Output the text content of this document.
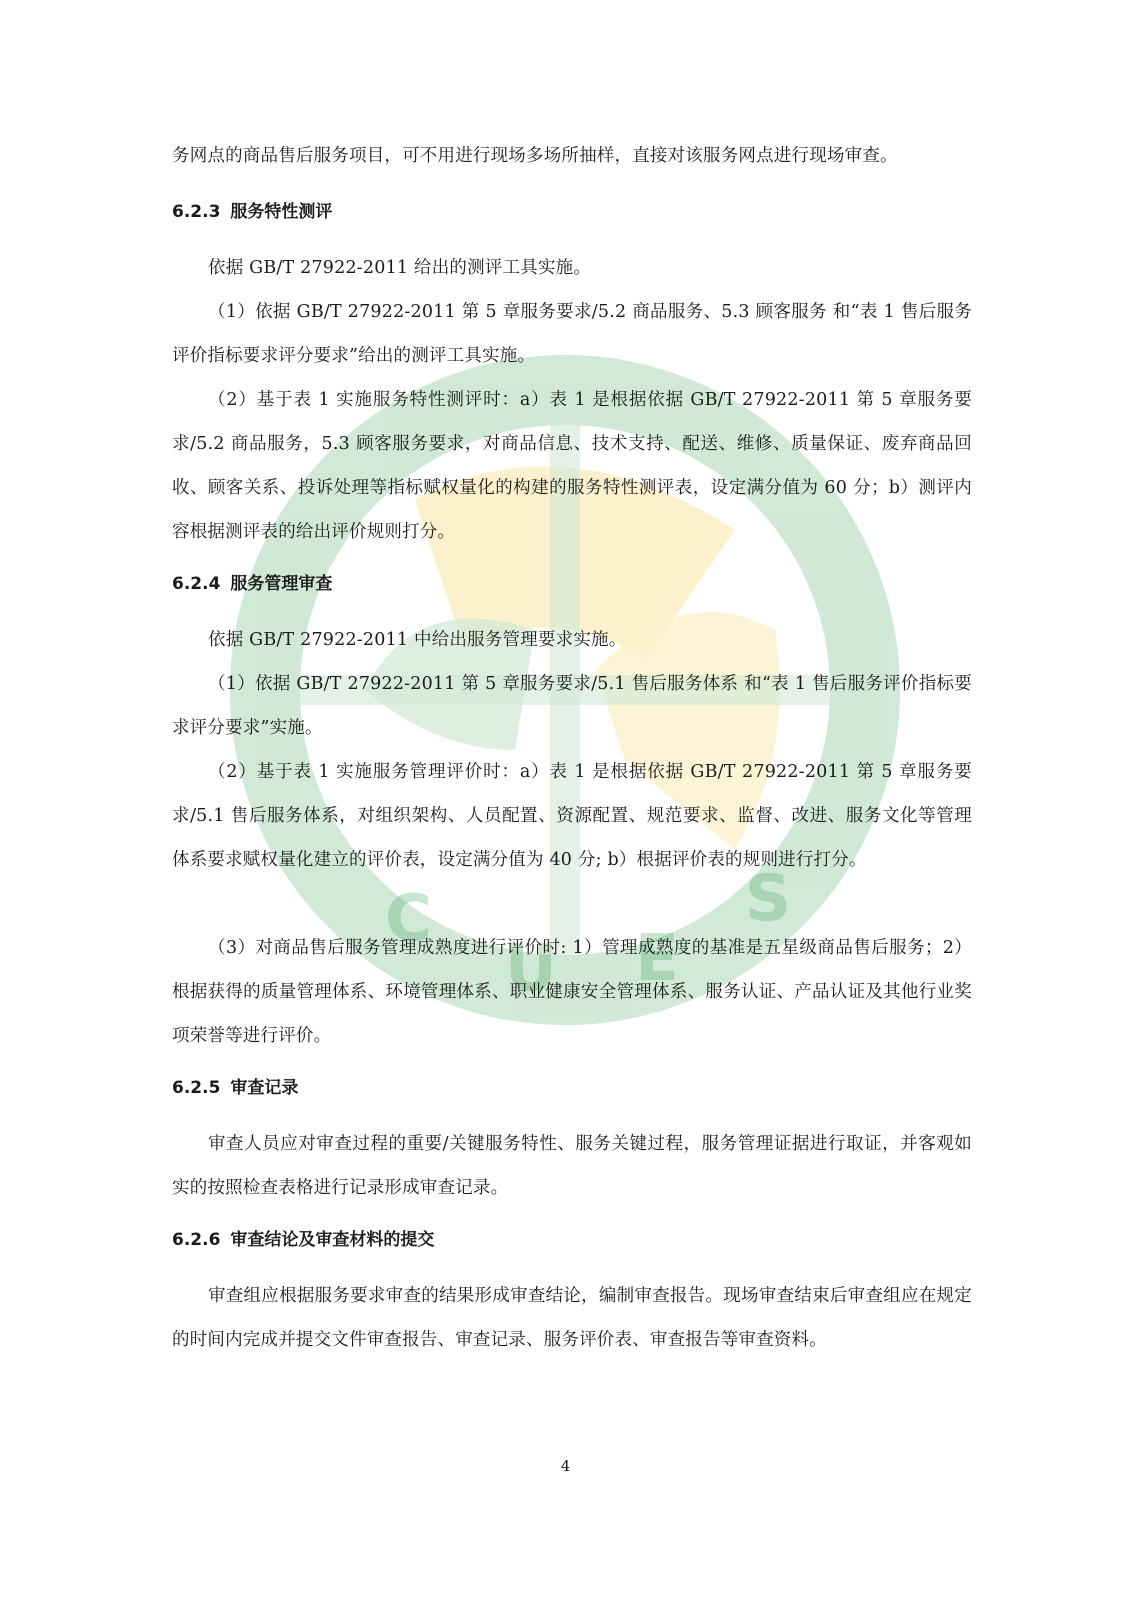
C
U E
S

务网点的商品售后服务项目，可不用进行现场多场所抽样，直接对该服务网点进行现场审查。

6.2.3 服务特性测评

依据 GB/T 27922-2011 给出的测评工具实施。

（1）依据 GB/T 27922-2011 第 5 章服务要求/5.2 商品服务、5.3 顾客服务 和“表 1 售后服务评价指标要求评分要求”给出的测评工具实施。

（2）基于表 1 实施服务特性测评时：a）表 1 是根据依据 GB/T 27922-2011 第 5 章服务要求/5.2 商品服务，5.3 顾客服务要求，对商品信息、技术支持、配送、维修、质量保证、废弃商品回收、顾客关系、投诉处理等指标赋权量化的构建的服务特性测评表，设定满分值为 60 分；b）测评内容根据测评表的给出评价规则打分。

6.2.4 服务管理审查

依据 GB/T 27922-2011 中给出服务管理要求实施。

（1）依据 GB/T 27922-2011 第 5 章服务要求/5.1 售后服务体系 和“表 1 售后服务评价指标要求评分要求”实施。

（2）基于表 1 实施服务管理评价时：a）表 1 是根据依据 GB/T 27922-2011 第 5 章服务要求/5.1 售后服务体系，对组织架构、人员配置、资源配置、规范要求、监督、改进、服务文化等管理体系要求赋权量化建立的评价表，设定满分值为 40 分; b）根据评价表的规则进行打分。

（3）对商品售后服务管理成熟度进行评价时: 1）管理成熟度的基准是五星级商品售后服务；2）根据获得的质量管理体系、环境管理体系、职业健康安全管理体系、服务认证、产品认证及其他行业奖项荣誉等进行评价。

6.2.5 审查记录

审查人员应对审查过程的重要/关键服务特性、服务关键过程，服务管理证据进行取证，并客观如实的按照检查表格进行记录形成审查记录。

6.2.6 审查结论及审查材料的提交

审查组应根据服务要求审查的结果形成审查结论，编制审查报告。现场审查结束后审查组应在规定的时间内完成并提交文件审查报告、审查记录、服务评价表、审查报告等审查资料。

4
